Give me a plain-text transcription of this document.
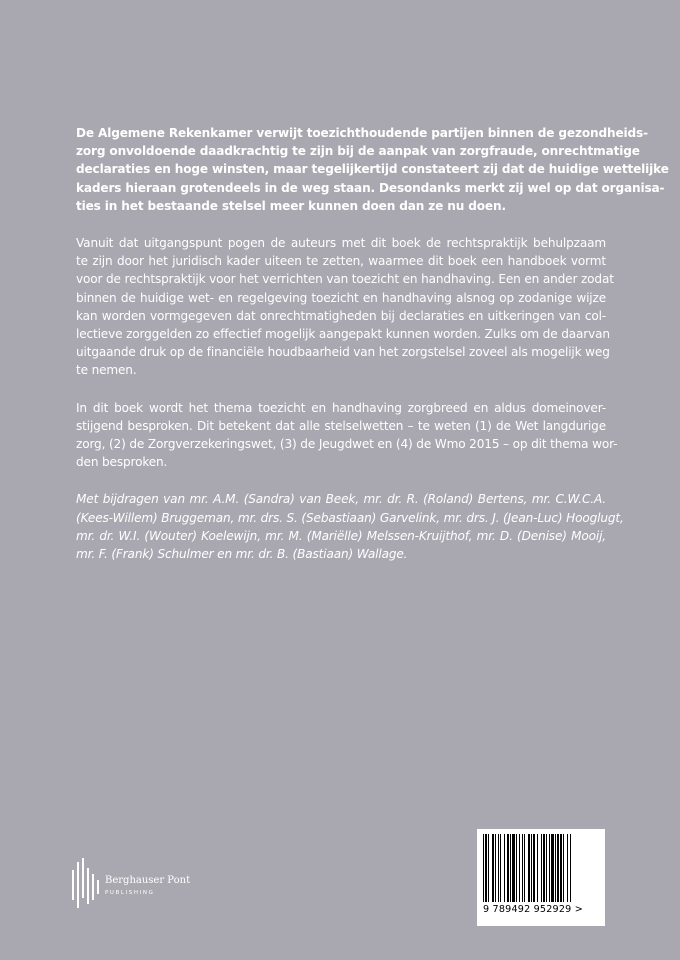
De Algemene Rekenkamer verwijt toezichthoudende partijen binnen de gezondheids-
zorg onvoldoende daadkrachtig te zijn bij de aanpak van zorgfraude, onrechtmatige
declaraties en hoge winsten, maar tegelijkertijd constateert zij dat de huidige wettelijke
kaders hieraan grotendeels in de weg staan. Desondanks merkt zij wel op dat organisa-
ties in het bestaande stelsel meer kunnen doen dan ze nu doen.

Vanuit dat uitgangspunt pogen de auteurs met dit boek de rechtspraktijk behulpzaam
te zijn door het juridisch kader uiteen te zetten, waarmee dit boek een handboek vormt
voor de rechtspraktijk voor het verrichten van toezicht en handhaving. Een en ander zodat
binnen de huidige wet- en regelgeving toezicht en handhaving alsnog op zodanige wijze
kan worden vormgegeven dat onrechtmatigheden bij declaraties en uitkeringen van col-
lectieve zorggelden zo effectief mogelijk aangepakt kunnen worden. Zulks om de daarvan
uitgaande druk op de financiële houdbaarheid van het zorgstelsel zoveel als mogelijk weg
te nemen.

In dit boek wordt het thema toezicht en handhaving zorgbreed en aldus domeinover-
stijgend besproken. Dit betekent dat alle stelselwetten – te weten (1) de Wet langdurige
zorg, (2) de Zorgverzekeringswet, (3) de Jeugdwet en (4) de Wmo 2015 – op dit thema wor-
den besproken.

Met bijdragen van mr. A.M. (Sandra) van Beek, mr. dr. R. (Roland) Bertens, mr. C.W.C.A.
(Kees-Willem) Bruggeman, mr. drs. S. (Sebastiaan) Garvelink, mr. drs. J. (Jean-Luc) Hooglugt,
mr. dr. W.I. (Wouter) Koelewijn, mr. M. (Mariëlle) Melssen-Kruijthof, mr. D. (Denise) Mooij,
mr. F. (Frank) Schulmer en mr. dr. B. (Bastiaan) Wallage.

Berghauser Pont
PUBLISHING
9 789492 952929 >
